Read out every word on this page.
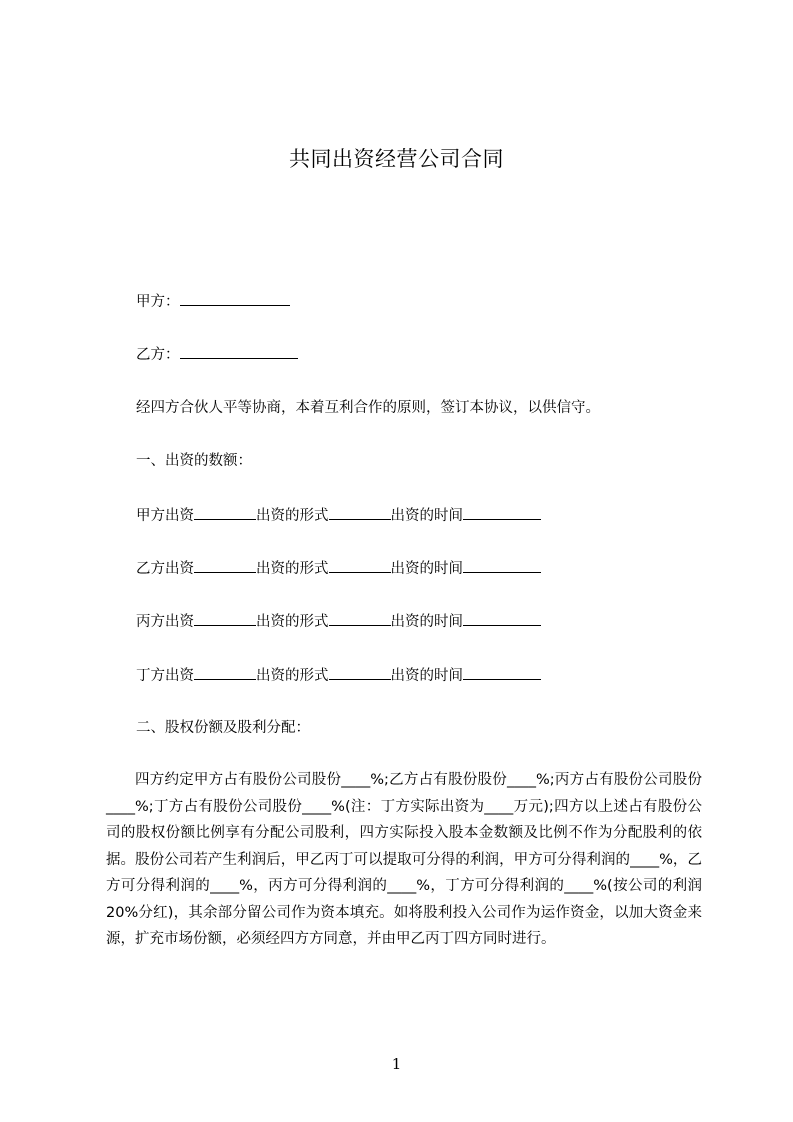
共同出资经营公司合同
甲方：
乙方：
经四方合伙人平等协商，本着互利合作的原则，签订本协议，以供信守。
一、出资的数额：
甲方出资	出资的形式	出资的时间
乙方出资	出资的形式	出资的时间
丙方出资	出资的形式	出资的时间
丁方出资	出资的形式	出资的时间
二、股权份额及股利分配：

四方约定甲方占有股份公司股份____%;乙方占有股份股份____%;丙方占有股份公司股份____%;丁方占有股份公司股份____%(注：丁方实际出资为____万元);四方以上述占有股份公司的股权份额比例享有分配公司股利，四方实际投入股本金数额及比例不作为分配股利的依据。股份公司若产生利润后，甲乙丙丁可以提取可分得的利润，甲方可分得利润的____%，乙方可分得利润的____%，丙方可分得利润的____%，丁方可分得利润的____%(按公司的利润20%分红)，其余部分留公司作为资本填充。如将股利投入公司作为运作资金，以加大资金来源，扩充市场份额，必须经四方方同意，并由甲乙丙丁四方同时进行。

1
